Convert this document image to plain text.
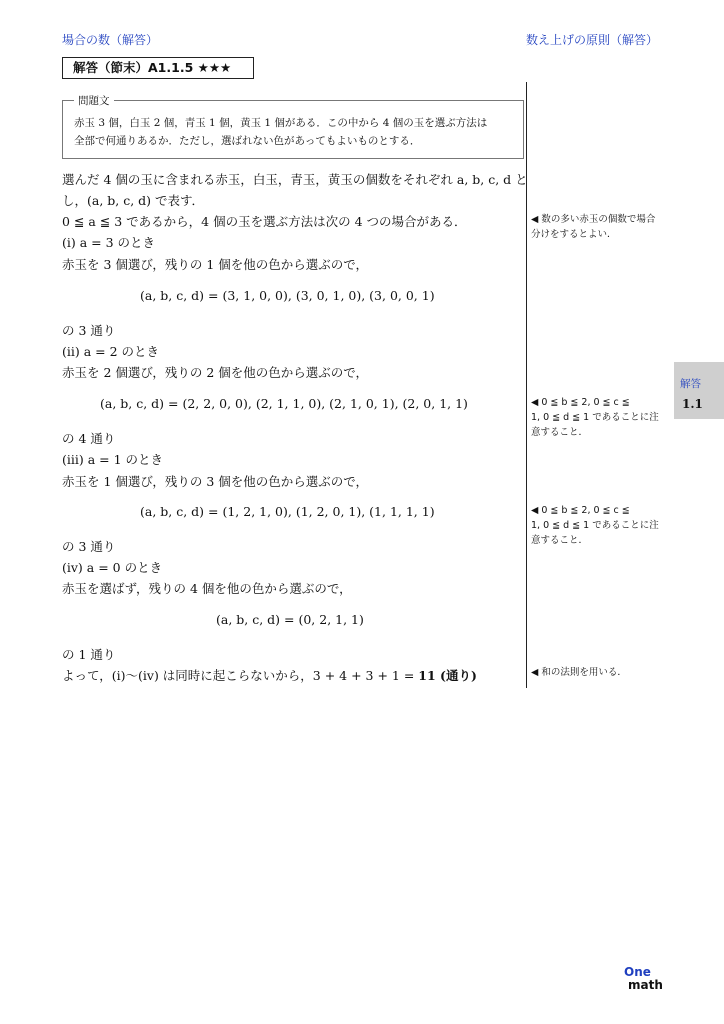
場合の数（解答）	数え上げの原則（解答）
解答（節末）A1.1.5 ★★★
問題文
赤玉 3 個，白玉 2 個，青玉 1 個，黄玉 1 個がある．この中から 4 個の玉を選ぶ方法は
全部で何通りあるか．ただし，選ばれない色があってもよいものとする．
選んだ 4 個の玉に含まれる赤玉，白玉，青玉，黄玉の個数をそれぞれ a, b, c, d と
し，(a, b, c, d) で表す．
0 ≦ a ≦ 3 であるから，4 個の玉を選ぶ方法は次の 4 つの場合がある．
(i) a = 3 のとき
赤玉を 3 個選び，残りの 1 個を他の色から選ぶので，
(a, b, c, d) = (3, 1, 0, 0), (3, 0, 1, 0), (3, 0, 0, 1)
の 3 通り
(ii) a = 2 のとき
赤玉を 2 個選び，残りの 2 個を他の色から選ぶので，
(a, b, c, d) = (2, 2, 0, 0), (2, 1, 1, 0), (2, 1, 0, 1), (2, 0, 1, 1)
の 4 通り
(iii) a = 1 のとき
赤玉を 1 個選び，残りの 3 個を他の色から選ぶので，
(a, b, c, d) = (1, 2, 1, 0), (1, 2, 0, 1), (1, 1, 1, 1)
の 3 通り
(iv) a = 0 のとき
赤玉を選ばず，残りの 4 個を他の色から選ぶので，
(a, b, c, d) = (0, 2, 1, 1)
の 1 通り
よって，(i)〜(iv) は同時に起こらないから，3 + 4 + 3 + 1 = 11 (通り)
◀ 数の多い赤玉の個数で場合
分けをするとよい．
◀ 0 ≦ b ≦ 2, 0 ≦ c ≦
1, 0 ≦ d ≦ 1 であることに注
意すること．
◀ 0 ≦ b ≦ 2, 0 ≦ c ≦
1, 0 ≦ d ≦ 1 であることに注
意すること．
◀ 和の法則を用いる．
解答
1.1
One
math
